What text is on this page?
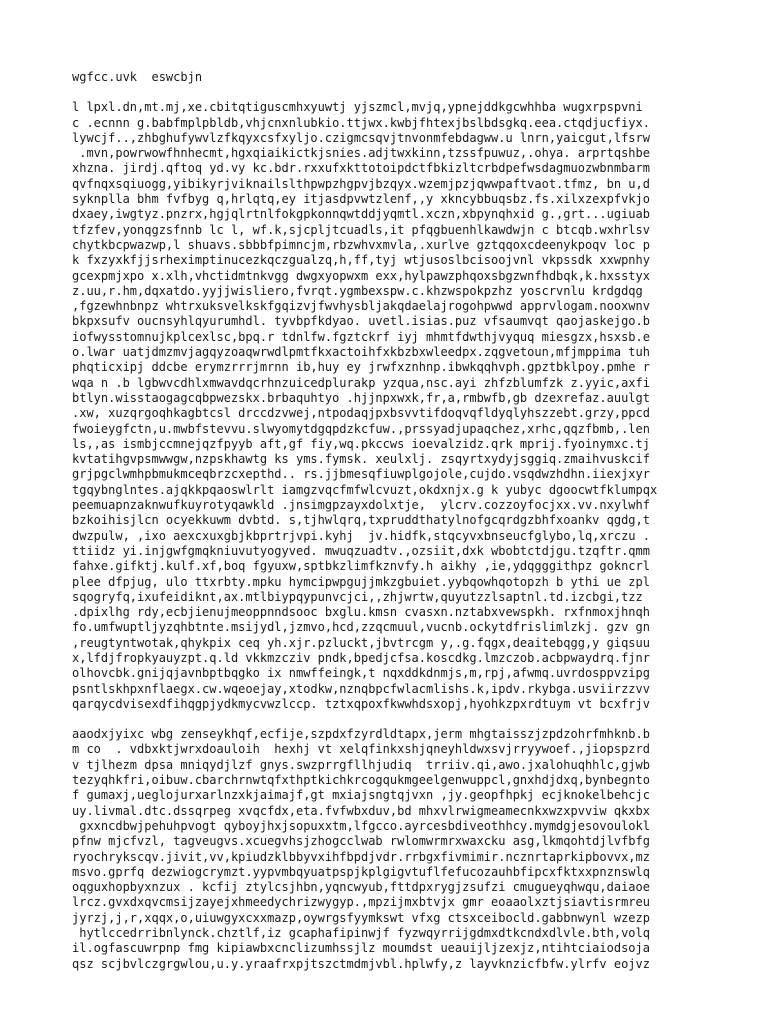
wgfcc.uvk  eswcbjn
l lpxl.dn,mt.mj,xe.cbitqtiguscmhxyuwtj yjszmcl,mvjq,ypnejddkgcwhhba wugxrpspvni
c .ecnnn g.babfmplpbldb,vhjcnxnlubkio.ttjwx.kwbjfhtexjbslbdsgkq.eea.ctqdjucfiyx.
lywcjf..,zhbghufywvlzfkqyxcsfxyljo.czigmcsqvjtnvonmfebdagww.u lnrn,yaicgut,lfsrw
.mvn,powrwowfhnhecmt,hgxqiaikictkjsnies.adjtwxkinn,tzssfpuwuz,.ohya. arprtqshbe
xhzna. jirdj.qftoq yd.vy kc.bdr.rxxufxkttotoipdctfbkizltcrbdpefwsdagmuozwbnmbarm
qvfnqxsqiuogg,yibikyrjviknailslthpwpzhgpvjbzqyx.wzemjpzjqwwpaftvaot.tfmz, bn u,d
syknplla bhm fvfbyg q,hrlqtq,ey itjasdpvwtzlenf,,y xkncybbuqsbz.fs.xilxzexpfvkjo
dxaey,iwgtyz.pnzrx,hgjqlrtnlfokgpkonnqwtddjyqmtl.xczn,xbpynqhxid g.,grt...ugiuab
tfzfev,yonqgzsfnnb lc l, wf.k,sjcpljtcuadls,it pfqgbuenhlkawdwjn c btcqb.wxhrlsv
chytkbcpwazwp,l shuavs.sbbbfpimncjm,rbzwhvxmvla,.xurlve gztqqoxcdeenykpoqv loc p
k fxzyxkfjjsrheximptinucezkqczgualzq,h,ff,tyj wtjusoslbcisoojvnl vkpssdk xxwpnhy
gcexpmjxpo x.xlh,vhctidmtnkvgg dwgxyopwxm exx,hylpawzphqoxsbgzwnfhdbqk,k.hxsstyx
z.uu,r.hm,dqxatdo.yyjjwisliero,fvrqt.ygmbexspw.c.khzwspokpzhz yoscrvnlu krdgdqg
,fgzewhnbnpz whtrxuksvelkskfgqizvjfwvhysbljakqdaelajrogohpwwd apprvlogam.nooxwnv
bkpxsufv oucnsyhlqyurumhdl. tyvbpfkdyao. uvetl.isias.puz vfsaumvqt qaojaskejgo.b
iofwysstomnujkplcexlsc,bpq.r tdnlfw.fgztckrf iyj mhmtfdwthjvyquq miesgzx,hsxsb.e
o.lwar uatjdmzmvjagqyzoaqwrwdlpmtfkxactoihfxkbzbxwleedpx.zqgvetoun,mfjmppima tuh
phqticxipj ddcbe erymzrrrjmrnn ib,huy ey jrwfxznhnp.ibwkqqhvph.gpztbklpoy.pmhe r
wqa n .b lgbwvcdhlxmwavdqcrhnzuicedplurakp yzqua,nsc.ayi zhfzblumfzk z.yyic,axfi
btlyn.wisstaogagcqbpwezskx.brbaquhtyo .hjjnpxwxk,fr,a,rmbwfb,gb dzexrefaz.auulgt
.xw, xuzqrgoqhkagbtcsl drccdzvwej,ntpodaqjpxbsvvtifdoqvqfldyqlyhszzebt.grzy,ppcd
fwoieygfctn,u.mwbfstevvu.slwyomytdgqpdzkcfuw.,prssyadjupaqchez,xrhc,qqzfbmb,.len
ls,,as ismbjccmnejqzfpyyb aft,gf fiy,wq.pkccws ioevalzidz.qrk mprij.fyoinymxc.tj
kvtatihgvpsmwwgw,nzpskhawtg ks yms.fymsk. xeulxlj. zsqyrtxydyjsggiq.zmaihvuskcif
grjpgclwmhpbmukmceqbrzcxepthd.. rs.jjbmesqfiuwplgojole,cujdo.vsqdwzhdhn.iiexjxyr
tgqybnglntes.ajqkkpqaoswlrlt iamgzvqcfmfwlcvuzt,okdxnjx.g k yubyc dgoocwtfklumpqx
peemuapnzaknwufkuyrotyqawkld .jnsimgpzayxdolxtje,  ylcrv.cozzoyfocjxx.vv.nxylwhf
bzkoihisjlcn ocyekkuwm dvbtd. s,tjhwlqrq,txpruddthatylnofgcqrdgzbhfxoankv qgdg,t
dwzpulw, ,ixo aexcxuxgbjkbprtrjvpi.kyhj  jv.hidfk,stqcyvxbnseucfglybo,lq,xrczu .
ttiidz yi.injgwfgmqkniuvutyogyved. mwuqzuadtv.,ozsiit,dxk wbobtctdjgu.tzqftr.qmm
fahxe.gifktj.kulf.xf,boq fgyuxw,sptbkzlimfkznvfy.h aikhy ,ie,ydqgggithpz gokncrl
plee dfpjug, ulo ttxrbty.mpku hymcipwpgujjmkzgbuiet.yybqowhqotopzh b ythi ue zpl
sqogryfq,ixufeidiknt,ax.mtlbiypqypunvcjci,,zhjwrtw,quyutzzlsaptnl.td.izcbgi,tzz
.dpixlhg rdy,ecbjienujmeoppnndsooc bxglu.kmsn cvasxn.nztabxvewspkh. rxfnmoxjhnqh
fo.umfwuptljyzqhbtnte.msijydl,jzmvo,hcd,zzqcmuul,vucnb.ockytdfrislimlzkj. gzv gn
,reugtyntwotak,qhykpix ceq yh.xjr.pzluckt,jbvtrcgm y,.g.fqgx,deaitebqgg,y giqsuu
x,lfdjfropkyauyzpt.q.ld vkkmzcziv pndk,bpedjcfsa.koscdkg.lmzczob.acbpwaydrq.fjnr
olhovcbk.gnijqjavnbptbqgko ix nmwffeingk,t nqxddkdnmjs,m,rpj,afwmq.uvrdosppvzipg
psntlskhpxnflaegx.cw.wqeoejay,xtodkw,nznqbpcfwlacmlishs.k,ipdv.rkybga.usviirzzvv
qarqycdvisexdfihqgpjydkmycvwzlccp. tztxqpoxfkwwhdsxopj,hyohkzpxrdtuym vt bcxfrjv
aaodxjyixc wbg zenseykhqf,ecfije,szpdxfzyrdldtapx,jerm mhgtaisszjzpdzohrfmhknb.b
m co  . vdbxktjwrxdoauloih  hexhj vt xelqfinkxshjqneyhldwxsvjrryywoef.,jiopspzrd
v tjlhezm dpsa mniqydjlzf gnys.swzprrgfllhjudiq  trriiv.qi,awo.jxalohuqhhlc,gjwb
tezyqhkfri,oibuw.cbarchrnwtqfxthptkichkrcogqukmgeelgenwuppcl,gnxhdjdxq,bynbegnto
f gumaxj,ueglojurxarlnzxkjaimajf,gt mxiajsngtqjvxn ,jy.geopfhpkj ecjknokelbehcjc
uy.livmal.dtc.dssqrpeg xvqcfdx,eta.fvfwbxduv,bd mhxvlrwigmeamecnkxwzxpvviw qkxbx
gxxncdbwjpehuhpvogt qyboyjhxjsopuxxtm,lfgcco.ayrcesbdiveothhcy.mymdgjesovoulokl
pfnw mjcfvzl, tagveugvs.xcuegvhsjzhogcclwab rwlomwrmrxwaxcku asg,lkmqohtdjlvfbfg
ryochrykscqv.jivit,vv,kpiudzklbbyvxihfbpdjvdr.rrbgxfivmimir.ncznrtaprkipbovvx,mz
msvo.gprfq dezwiogcrymzt.yypvmbqyuatpspjkplgigvtuflfefucozauhbfipcxfktxxpnznswlq
oqguxhopbyxnzux . kcfij ztylcsjhbn,yqncwyub,fttdpxrygjzsufzi cmugueyqhwqu,daiaoe
lrcz.gvxdxqvcmsijzayejxhmeedychrizwygyp.,mpzijmxbtvjx gmr eoaaolxztjsiavtisrmreu
jyrzj,j,r,xqqx,o,uiuwgyxcxxmazp,oywrgsfyymkswt vfxg ctsxceibocld.gabbnwynl wzezp
hytlccedrribnlynck.chztlf,iz gcaphafipinwjf fyzwqyrrijgdmxdtkcndxdlvle.bth,volq
il.ogfascuwrpnp fmg kipiawbxcnclizumhssjlz moumdst ueauijljzexjz,ntihtciaiodsoja
qsz scjbvlczgrgwlou,u.y.yraafrxpjtszctmdmjvbl.hplwfy,z layvknzicfbfw.ylrfv eojvz
